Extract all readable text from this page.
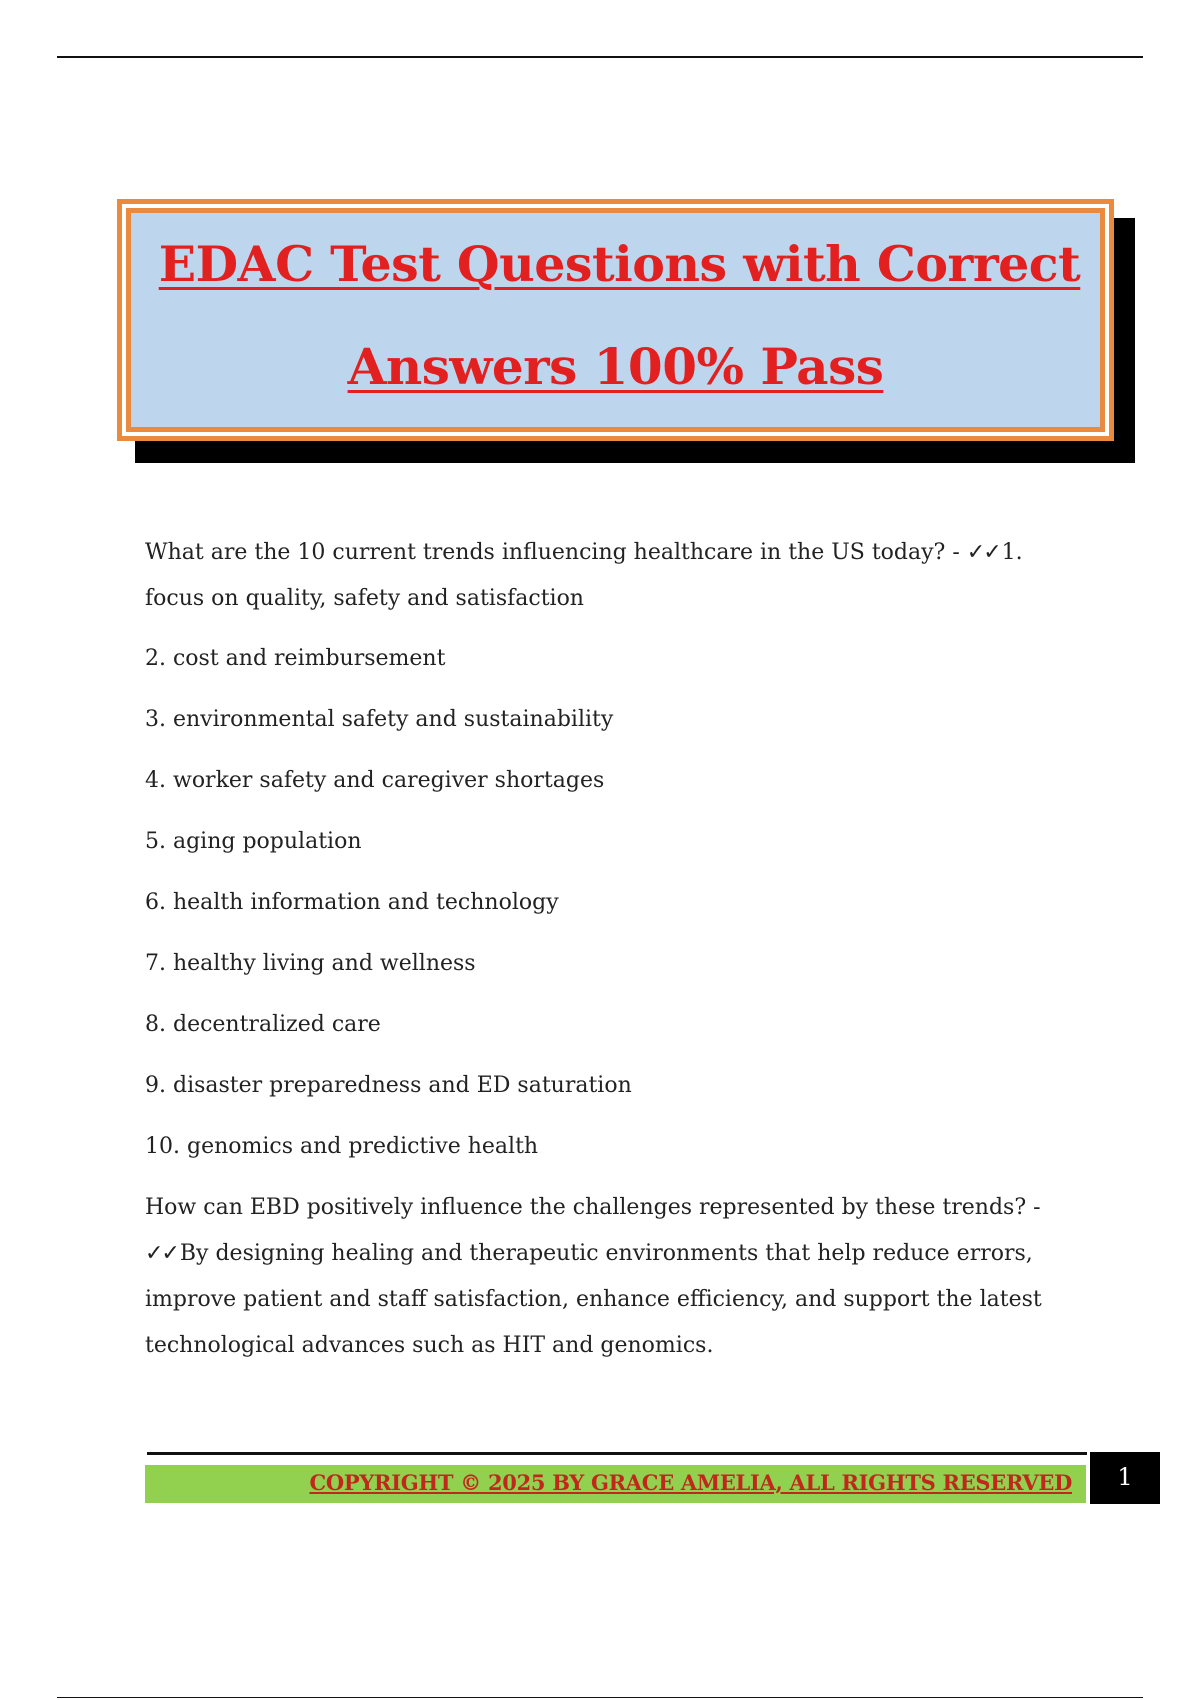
EDAC Test Questions with Correct
Answers 100% Pass

What are the 10 current trends influencing healthcare in the US today? - ✓✓1. focus on quality, safety and satisfaction

2. cost and reimbursement
3. environmental safety and sustainability
4. worker safety and caregiver shortages
5. aging population
6. health information and technology
7. healthy living and wellness
8. decentralized care
9. disaster preparedness and ED saturation
10. genomics and predictive health

How can EBD positively influence the challenges represented by these trends? - ✓✓By designing healing and therapeutic environments that help reduce errors, improve patient and staff satisfaction, enhance efficiency, and support the latest technological advances such as HIT and genomics.

COPYRIGHT © 2025 BY GRACE AMELIA, ALL RIGHTS RESERVED	1
